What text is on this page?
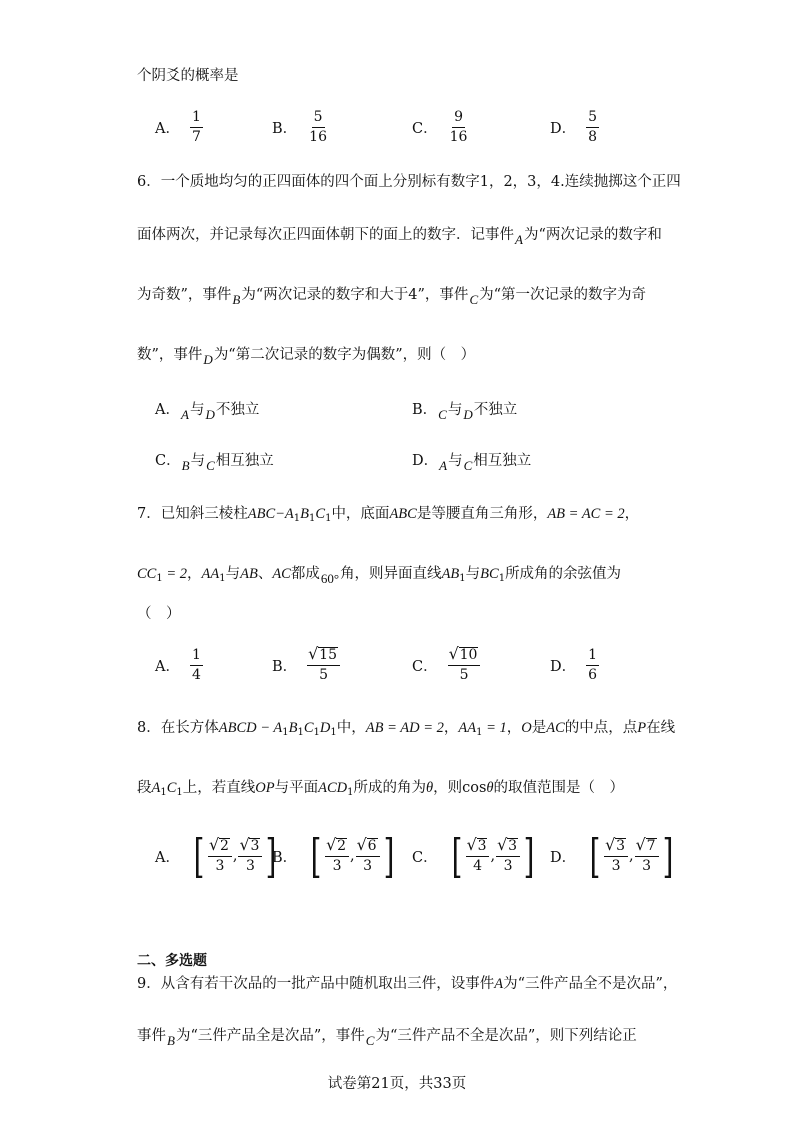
个阴爻的概率是
A． $\frac{1}{7}$	B． $\frac{5}{16}$	C． $\frac{9}{16}$	D． $\frac{5}{8}$
6．一个质地均匀的正四面体的四个面上分别标有数字1，2，3，4.连续抛掷这个正四
面体两次，并记录每次正四面体朝下的面上的数字．记事件A为“两次记录的数字和
为奇数”，事件B为“两次记录的数字和大于4”，事件C为“第一次记录的数字为奇
数”，事件D为“第二次记录的数字为偶数”，则（　）
A．A与D不独立	B．C与D不独立
C．B与C相互独立	D．A与C相互独立
7．已知斜三棱柱$ABC-A_1B_1C_1$中，底面ABC是等腰直角三角形，AB = AC = 2，
$CC_1 = 2$，$AA_1$与AB、AC都成60°角，则异面直线$AB_1$与$BC_1$所成角的余弦值为
（　）
A． $\frac{1}{4}$	B． √ $\frac{15}{5}$	C． √ $\frac{10}{5}$	D． $\frac{1}{6}$
8．在长方体ABCD − $A_1B_1C_1D_1$中，AB = AD = 2，$AA_1 = 1$，O是AC的中点，点P在线
段$A_1C_1$上，若直线OP与平面$ACD_1$所成的角为θ，则cosθ的取值范围是（　）
A． [ √ $\frac{2}{3}$ , √ $\frac{3}{3}$ ]
B． [ √ $\frac{2}{3}$ , √ $\frac{6}{3}$ ] C． [ √ $\frac{3}{4}$ , √ $\frac{3}{3}$ ] D． [ √ $\frac{3}{3}$ , √ $\frac{7}{3}$ ]
二、多选题
9．从含有若干次品的一批产品中随机取出三件，设事件A为“三件产品全不是次品”，
事件B为“三件产品全是次品”，事件C为“三件产品不全是次品”，则下列结论正
试卷第21页，共33页
